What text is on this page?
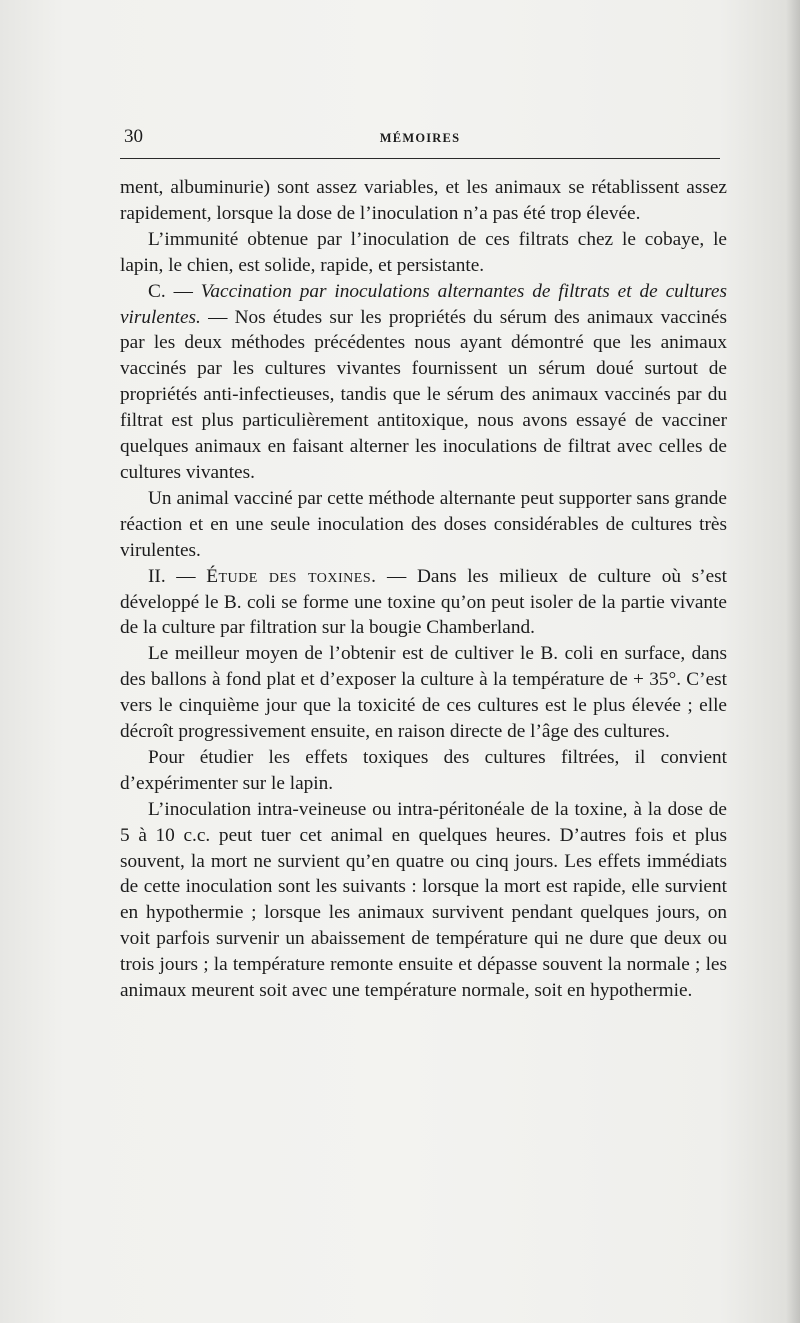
30	MÉMOIRES

ment, albuminurie) sont assez variables, et les animaux se rétablissent assez rapidement, lorsque la dose de l’inoculation n’a pas été trop élevée.

L’immunité obtenue par l’inoculation de ces filtrats chez le cobaye, le lapin, le chien, est solide, rapide, et persistante.

C. — Vaccination par inoculations alternantes de filtrats et de cultures virulentes. — Nos études sur les propriétés du sérum des animaux vaccinés par les deux méthodes précédentes nous ayant démontré que les animaux vaccinés par les cultures vivantes fournissent un sérum doué surtout de propriétés anti-infectieuses, tandis que le sérum des animaux vaccinés par du filtrat est plus particulièrement antitoxique, nous avons essayé de vacciner quelques animaux en faisant alterner les inoculations de filtrat avec celles de cultures vivantes.

Un animal vacciné par cette méthode alternante peut supporter sans grande réaction et en une seule inoculation des doses considérables de cultures très virulentes.

II. — Étude des toxines. — Dans les milieux de culture où s’est développé le B. coli se forme une toxine qu’on peut isoler de la partie vivante de la culture par filtration sur la bougie Chamberland.

Le meilleur moyen de l’obtenir est de cultiver le B. coli en surface, dans des ballons à fond plat et d’exposer la culture à la température de + 35°. C’est vers le cinquième jour que la toxicité de ces cultures est le plus élevée ; elle décroît progressivement ensuite, en raison directe de l’âge des cultures.

Pour étudier les effets toxiques des cultures filtrées, il convient d’expérimenter sur le lapin.

L’inoculation intra-veineuse ou intra-péritonéale de la toxine, à la dose de 5 à 10 c.c. peut tuer cet animal en quelques heures. D’autres fois et plus souvent, la mort ne survient qu’en quatre ou cinq jours. Les effets immédiats de cette inoculation sont les suivants : lorsque la mort est rapide, elle survient en hypothermie ; lorsque les animaux survivent pendant quelques jours, on voit parfois survenir un abaissement de température qui ne dure que deux ou trois jours ; la température remonte ensuite et dépasse souvent la normale ; les animaux meurent soit avec une température normale, soit en hypothermie.
